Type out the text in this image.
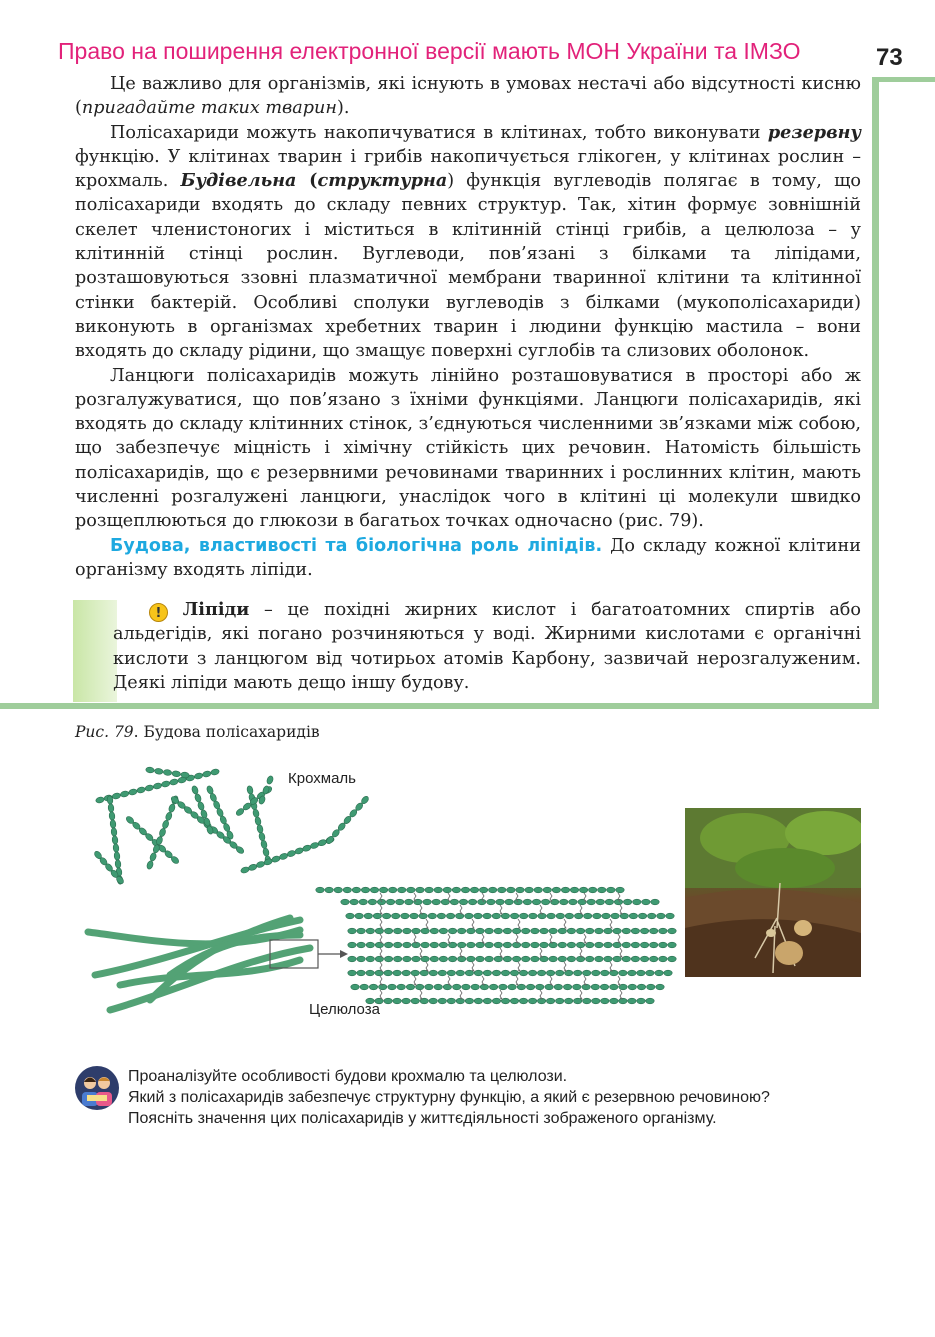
Право на поширення електронної версії мають МОН України та ІМЗО	73

Це важливо для організмів, які існують в умовах нестачі або відсутності кисню (пригадайте таких тварин).

Полісахариди можуть накопичуватися в клітинах, тобто виконувати резервну функцію. У клітинах тварин і грибів накопичується глікоген, у клітинах рослин – крохмаль. Будівельна (структурна) функція вуглеводів полягає в тому, що полісахариди входять до складу певних структур. Так, хітин формує зовнішній скелет членистоногих і міститься в клітинній стінці грибів, а целюлоза – у клітинній стінці рослин. Вуглеводи, пов’язані з білками та ліпідами, розташовуються ззовні плазматичної мембрани тваринної клітини та клітинної стінки бактерій. Особливі сполуки вуглеводів з білками (мукополісахариди) виконують в організмах хребетних тварин і людини функцію мастила – вони входять до складу рідини, що змащує поверхні суглобів та слизових оболонок.

Ланцюги полісахаридів можуть лінійно розташовуватися в просторі або ж розгалужуватися, що пов’язано з їхніми функціями. Ланцюги полісахаридів, які входять до складу клітинних стінок, з’єднуються численними зв’язками між собою, що забезпечує міцність і хімічну стійкість цих речовин. Натомість більшість полісахаридів, що є резервними речовинами тваринних і рослинних клітин, мають численні розгалужені ланцюги, унаслідок чого в клітині ці молекули швидко розщеплюються до глюкози в багатьох точках одночасно (рис. 79).

Будова, властивості та біологічна роль ліпідів. До складу кожної клітини організму входять ліпіди.

! Ліпіди – це похідні жирних кислот і багатоатомних спиртів або альдегідів, які погано розчиняються у воді. Жирними кислотами є органічні кислоти з ланцюгом від чотирьох атомів Карбону, зазвичай нерозгалуженим. Деякі ліпіди мають дещо іншу будову.

Рис. 79. Будова полісахаридів
Крохмаль
Целюлоза
Проаналізуйте особливості будови крохмалю та целюлози.
Який з полісахаридів забезпечує структурну функцію, а який є резервною речовиною?
Поясніть значення цих полісахаридів у життєдіяльності зображеного організму.
